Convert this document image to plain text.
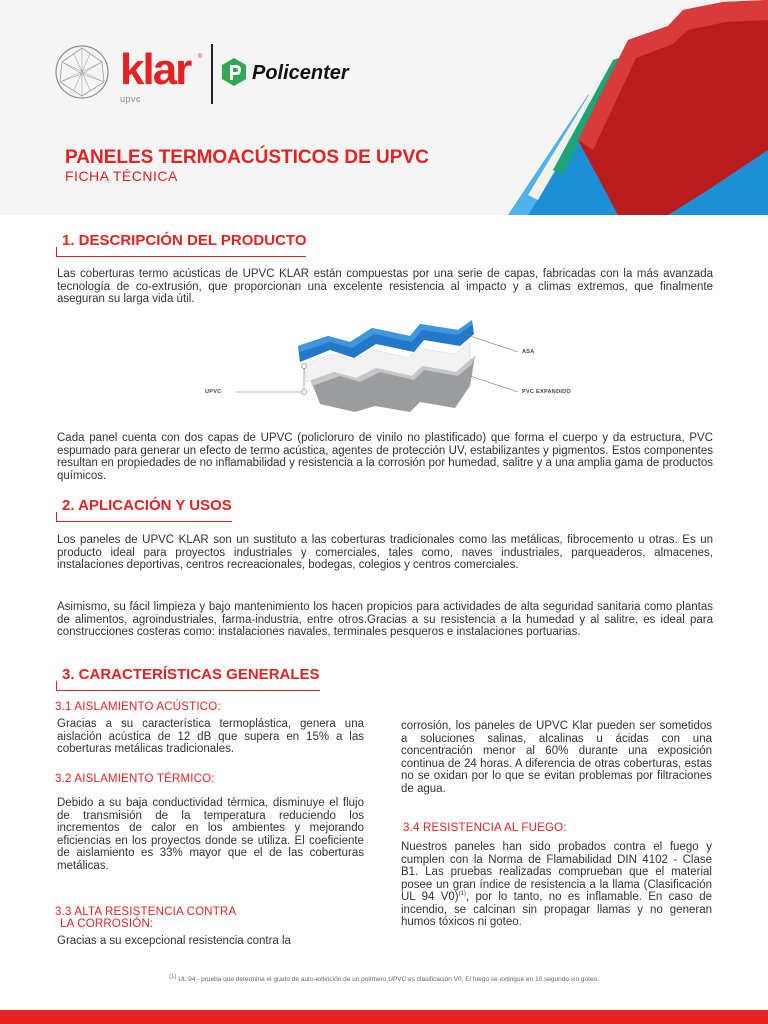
klar ®
upvc
Policenter
PANELES TERMOACÚSTICOS DE UPVC
FICHA TÉCNICA
1. DESCRIPCIÓN DEL PRODUCTO
Las coberturas termo acústicas de UPVC KLAR están compuestas por una serie de capas, fabricadas con la más avanzada tecnología de co-extrusión, que proporcionan una excelente resistencia al impacto y a climas extremos, que finalmente aseguran su larga vida útil.
ASA
UPVC	PVC EXPANDIDO
Cada panel cuenta con dos capas de UPVC (policloruro de vinilo no plastificado) que forma el cuerpo y da estructura, PVC espumado para generar un efecto de termo acústica, agentes de protección UV, estabilizantes y pigmentos. Estos componentes resultan en propiedades de no inflamabilidad y resistencia a la corrosión por humedad, salitre y a una amplia gama de productos químicos.
2. APLICACIÓN Y USOS
Los paneles de UPVC KLAR son un sustituto a las coberturas tradicionales como las metálicas, fibrocemento u otras. Es un producto ideal para proyectos industriales y comerciales, tales como, naves industriales, parqueaderos, almacenes, instalaciones deportivas, centros recreacionales, bodegas, colegios y centros comerciales.
Asimismo, su fácil limpieza y bajo mantenimiento los hacen propicios para actividades de alta seguridad sanitaria como plantas de alimentos, agroindustriales, farma-industria, entre otros.Gracias a su resistencia a la humedad y al salitre, es ideal para construcciones costeras como: instalaciones navales, terminales pesqueros e instalaciones portuarias.
3. CARACTERÍSTICAS GENERALES
3.1 AISLAMIENTO ACÚSTICO:
Gracias a su característica termoplástica, genera una aislación acústica de 12 dB que supera en 15% a las coberturas metálicas tradicionales.
3.2 AISLAMIENTO TÉRMICO:
Debido a su baja conductividad térmica, disminuye el flujo de transmisión de la temperatura reduciendo los incrementos de calor en los ambientes y mejorando eficiencias en los proyectos donde se utiliza. El coeficiente de aislamiento es 33% mayor que el de las coberturas metálicas.
3.3 ALTA RESISTENCIA CONTRA
LA CORROSIÓN:
Gracias a su excepcional resistencia contra la
corrosión, los paneles de UPVC Klar pueden ser sometidos a soluciones salinas, alcalinas u ácidas con una concentración menor al 60% durante una exposición continua de 24 horas. A diferencia de otras coberturas, estas no se oxidan por lo que se evitan problemas por filtraciones de agua.
3.4 RESISTENCIA AL FUEGO:
Nuestros paneles han sido probados contra el fuego y cumplen con la Norma de Flamabilidad DIN 4102 - Clase B1. Las pruebas realizadas comprueban que el material posee un gran índice de resistencia a la llama (Clasificación UL 94 V0)$^{(1)}$, por lo tanto, no es inflamable. En caso de incendio, se calcinan sin propagar llamas y no generan humos tóxicos ni goteo.
$^{(1)}$ UL 94 - prueba que determina el grado de auto-extinción de un polímero UPVC es clasificación V0. El fuego se extingue en 10 segundo sin goteo.
